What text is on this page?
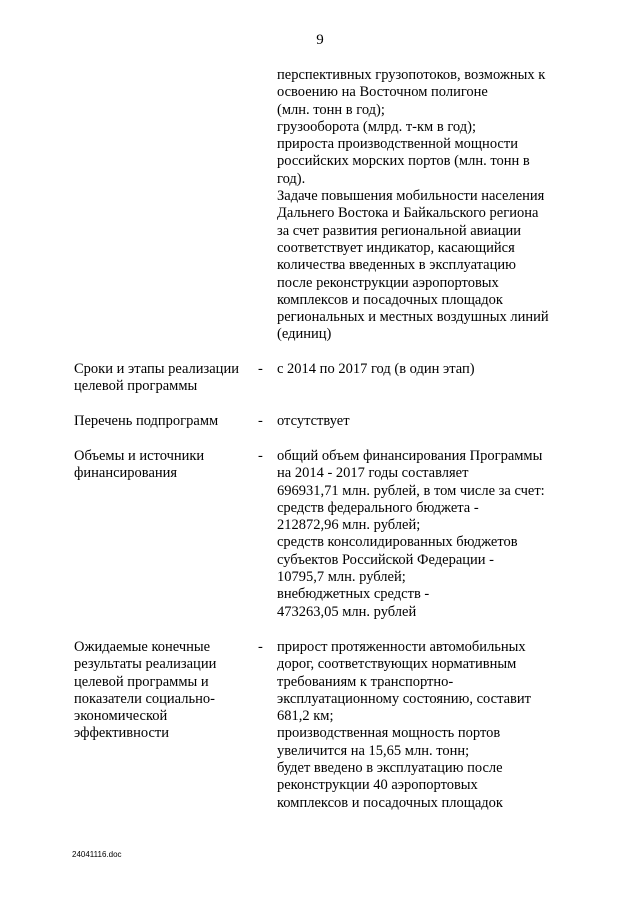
9
перспективных грузопотоков, возможных к
освоению на Восточном полигоне
(млн. тонн в год);
грузооборота (млрд. т-км в год);
прироста производственной мощности
российских морских портов (млн. тонн в
год).
Задаче повышения мобильности населения
Дальнего Востока и Байкальского региона
за счет развития региональной авиации
соответствует индикатор, касающийся
количества введенных в эксплуатацию
после реконструкции аэропортовых
комплексов и посадочных площадок
региональных и местных воздушных линий
(единиц)
Сроки и этапы реализации
целевой программы
- с 2014 по 2017 год (в один этап)
Перечень подпрограмм	- отсутствует
Объемы и источники
финансирования
- общий объем финансирования Программы
на 2014 - 2017 годы составляет
696931,71 млн. рублей, в том числе за счет:
средств федерального бюджета -
212872,96 млн. рублей;
средств консолидированных бюджетов
субъектов Российской Федерации -
10795,7 млн. рублей;
внебюджетных средств -
473263,05 млн. рублей
Ожидаемые конечные
результаты реализации
целевой программы и
показатели социально-
экономической
эффективности
- прирост протяженности автомобильных
дорог, соответствующих нормативным
требованиям к транспортно-
эксплуатационному состоянию, составит
681,2 км;
производственная мощность портов
увеличится на 15,65 млн. тонн;
будет введено в эксплуатацию после
реконструкции 40 аэропортовых
комплексов и посадочных площадок
24041116.doc
